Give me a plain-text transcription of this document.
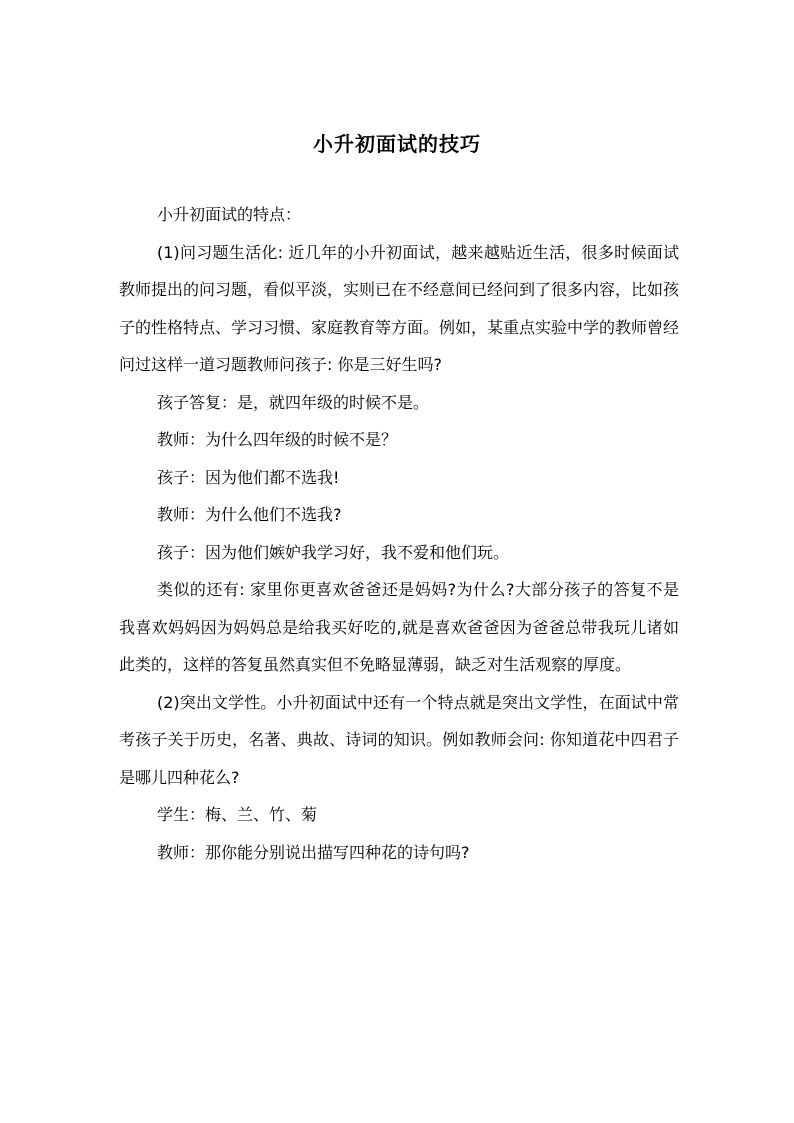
小升初面试的技巧

小升初面试的特点：

(1)问习题生活化: 近几年的小升初面试，越来越贴近生活，很多时候面试教师提出的问习题，看似平淡，实则已在不经意间已经问到了很多内容，比如孩子的性格特点、学习习惯、家庭教育等方面。例如，某重点实验中学的教师曾经问过这样一道习题教师问孩子: 你是三好生吗?

孩子答复：是，就四年级的时候不是。

教师：为什么四年级的时候不是？

孩子：因为他们都不选我!

教师：为什么他们不选我?

孩子：因为他们嫉妒我学习好，我不爱和他们玩。

类似的还有: 家里你更喜欢爸爸还是妈妈?为什么?大部分孩子的答复不是我喜欢妈妈因为妈妈总是给我买好吃的,就是喜欢爸爸因为爸爸总带我玩儿诸如此类的，这样的答复虽然真实但不免略显薄弱，缺乏对生活观察的厚度。

(2)突出文学性。小升初面试中还有一个特点就是突出文学性，在面试中常考孩子关于历史，名著、典故、诗词的知识。例如教师会问: 你知道花中四君子是哪儿四种花么?

学生：梅、兰、竹、菊

教师：那你能分别说出描写四种花的诗句吗?
